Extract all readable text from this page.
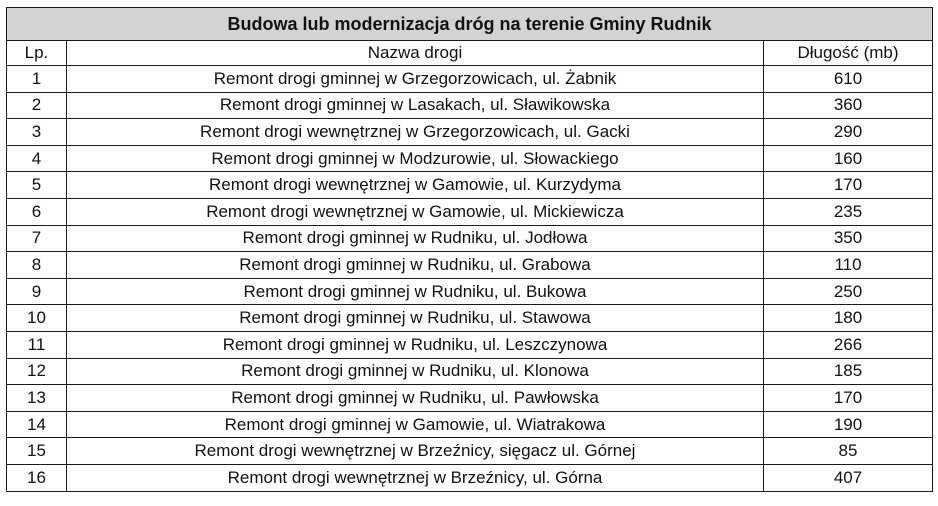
Budowa lub modernizacja dróg na terenie Gminy Rudnik		
Lp.	Nazwa drogi	Długość (mb)
1	Remont drogi gminnej w Grzegorzowicach, ul. Żabnik	610
2	Remont drogi gminnej w Lasakach, ul. Sławikowska	360
3	Remont drogi wewnętrznej w Grzegorzowicach, ul. Gacki	290
4	Remont drogi gminnej w Modzurowie, ul. Słowackiego	160
5	Remont drogi wewnętrznej w Gamowie, ul. Kurzydyma	170
6	Remont drogi wewnętrznej w Gamowie, ul. Mickiewicza	235
7	Remont drogi gminnej w Rudniku, ul. Jodłowa	350
8	Remont drogi gminnej w Rudniku, ul. Grabowa	110
9	Remont drogi gminnej w Rudniku, ul. Bukowa	250
10	Remont drogi gminnej w Rudniku, ul. Stawowa	180
11	Remont drogi gminnej w Rudniku, ul. Leszczynowa	266
12	Remont drogi gminnej w Rudniku, ul. Klonowa	185
13	Remont drogi gminnej w Rudniku, ul. Pawłowska	170
14	Remont drogi gminnej w Gamowie, ul. Wiatrakowa	190
15	Remont drogi wewnętrznej w Brzeźnicy, sięgacz ul. Górnej	85
16	Remont drogi wewnętrznej w Brzeźnicy, ul. Górna	407
